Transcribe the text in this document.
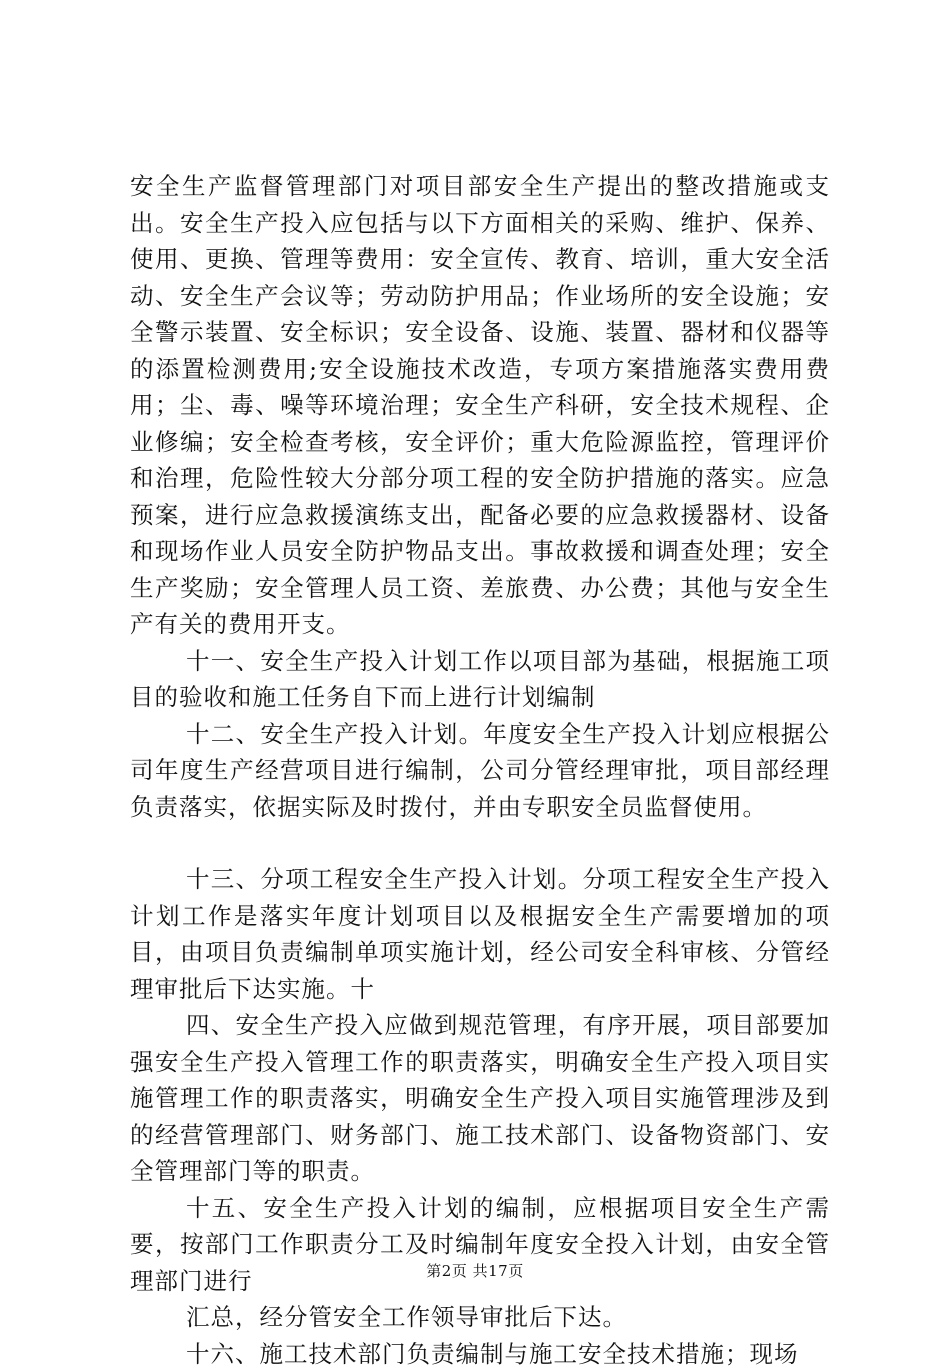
安全生产监督管理部门对项目部安全生产提出的整改措施或支出。安全生产投入应包括与以下方面相关的采购、维护、保养、使用、更换、管理等费用：安全宣传、教育、培训，重大安全活动、安全生产会议等；劳动防护用品；作业场所的安全设施；安全警示装置、安全标识；安全设备、设施、装置、器材和仪器等的添置检测费用;安全设施技术改造，专项方案措施落实费用费用；尘、毒、噪等环境治理；安全生产科研，安全技术规程、企业修编；安全检查考核，安全评价；重大危险源监控，管理评价和治理，危险性较大分部分项工程的安全防护措施的落实。应急预案，进行应急救援演练支出，配备必要的应急救援器材、设备和现场作业人员安全防护物品支出。事故救援和调查处理；安全生产奖励；安全管理人员工资、差旅费、办公费；其他与安全生产有关的费用开支。

十一、安全生产投入计划工作以项目部为基础，根据施工项目的验收和施工任务自下而上进行计划编制

十二、安全生产投入计划。年度安全生产投入计划应根据公司年度生产经营项目进行编制，公司分管经理审批，项目部经理负责落实，依据实际及时拨付，并由专职安全员监督使用。

十三、分项工程安全生产投入计划。分项工程安全生产投入计划工作是落实年度计划项目以及根据安全生产需要增加的项目，由项目负责编制单项实施计划，经公司安全科审核、分管经理审批后下达实施。十

四、安全生产投入应做到规范管理，有序开展，项目部要加强安全生产投入管理工作的职责落实，明确安全生产投入项目实施管理工作的职责落实，明确安全生产投入项目实施管理涉及到的经营管理部门、财务部门、施工技术部门、设备物资部门、安全管理部门等的职责。

十五、安全生产投入计划的编制，应根据项目安全生产需要，按部门工作职责分工及时编制年度安全投入计划，由安全管理部门进行

汇总，经分管安全工作领导审批后下达。

十六、施工技术部门负责编制与施工安全技术措施；现场

第2页 共17页
